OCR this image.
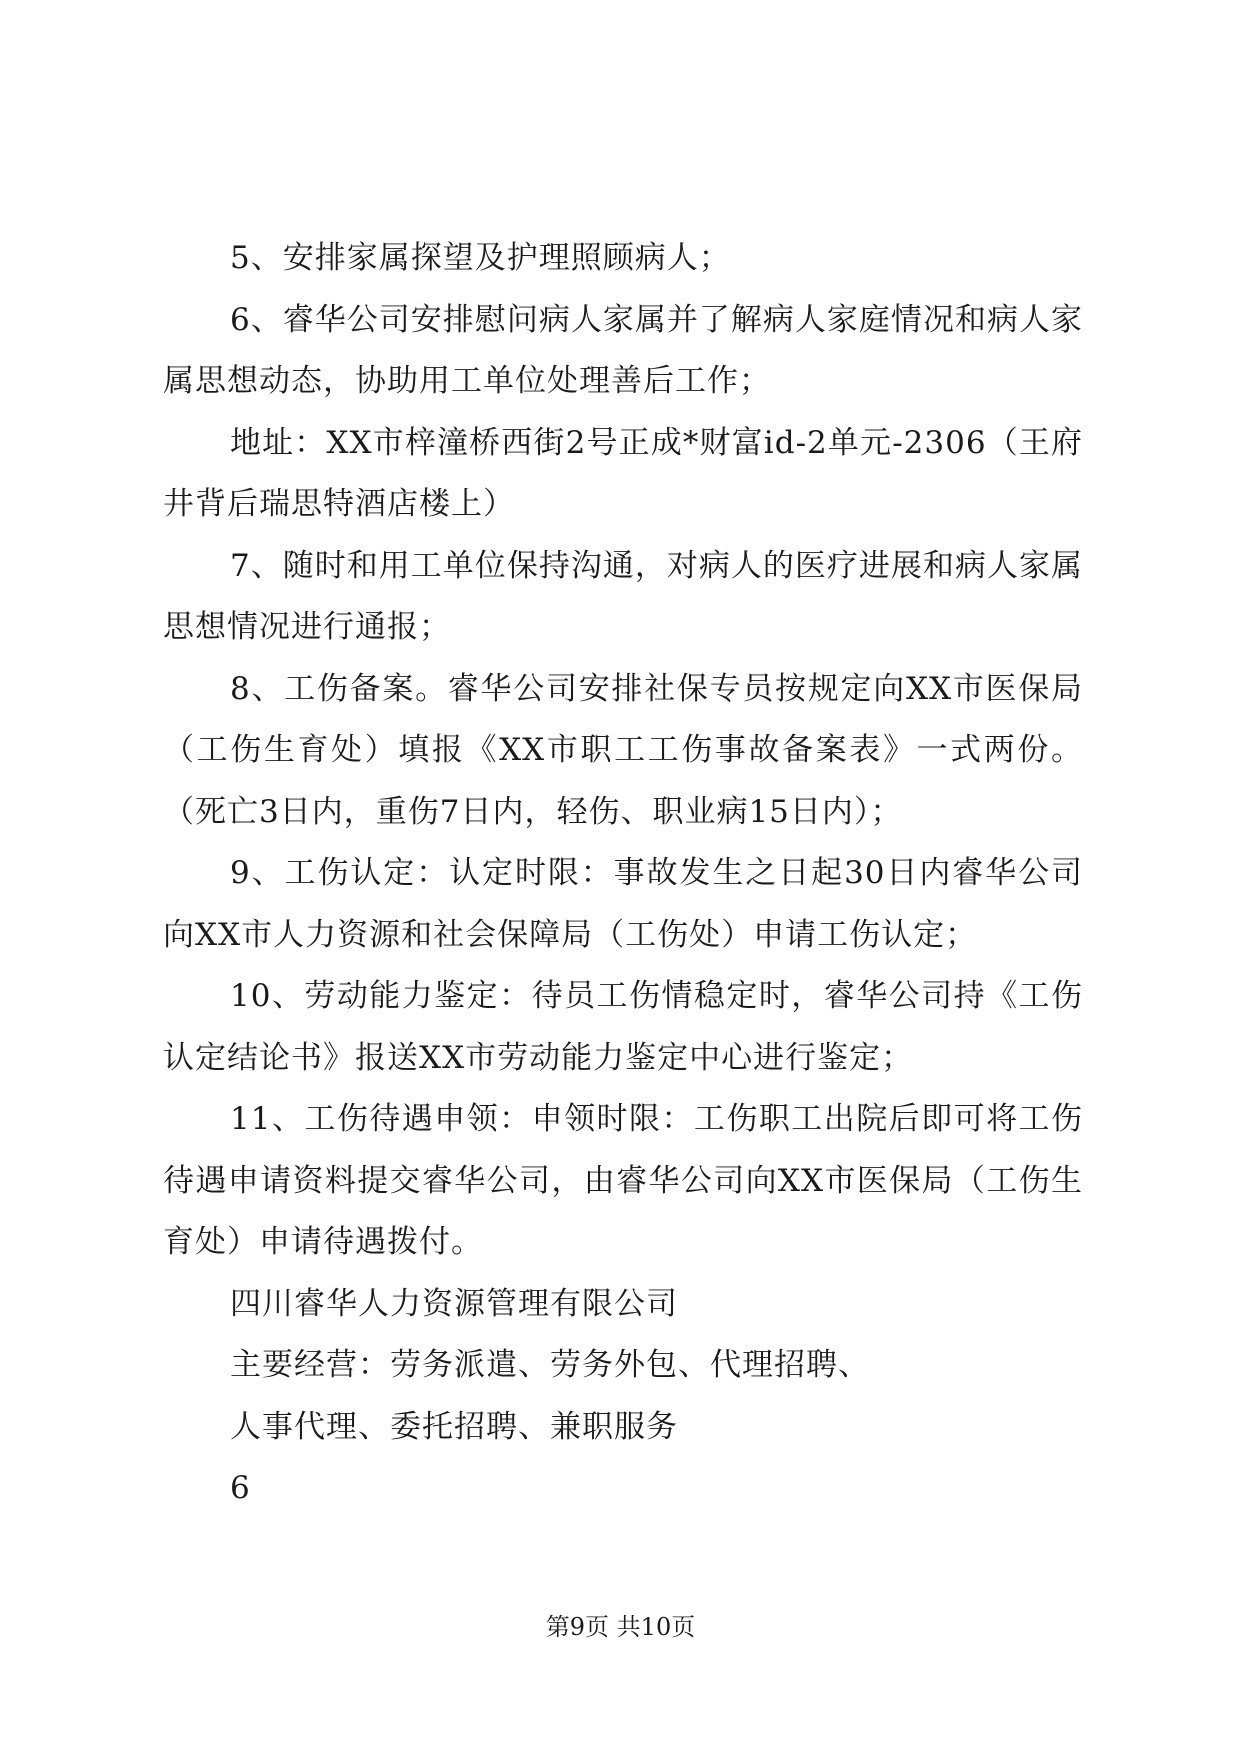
5、安排家属探望及护理照顾病人；

6、睿华公司安排慰问病人家属并了解病人家庭情况和病人家属思想动态，协助用工单位处理善后工作；

地址：XX市梓潼桥西街2号正成*财富id-2单元-2306（王府井背后瑞思特酒店楼上）

7、随时和用工单位保持沟通，对病人的医疗进展和病人家属思想情况进行通报；

8、工伤备案。睿华公司安排社保专员按规定向XX市医保局（工伤生育处）填报《XX市职工工伤事故备案表》一式两份。（死亡3日内，重伤7日内，轻伤、职业病15日内）；

9、工伤认定：认定时限：事故发生之日起30日内睿华公司向XX市人力资源和社会保障局（工伤处）申请工伤认定；

10、劳动能力鉴定：待员工伤情稳定时，睿华公司持《工伤认定结论书》报送XX市劳动能力鉴定中心进行鉴定；

11、工伤待遇申领：申领时限：工伤职工出院后即可将工伤待遇申请资料提交睿华公司，由睿华公司向XX市医保局（工伤生育处）申请待遇拨付。

四川睿华人力资源管理有限公司

主要经营：劳务派遣、劳务外包、代理招聘、

人事代理、委托招聘、兼职服务

6

第9页 共10页
